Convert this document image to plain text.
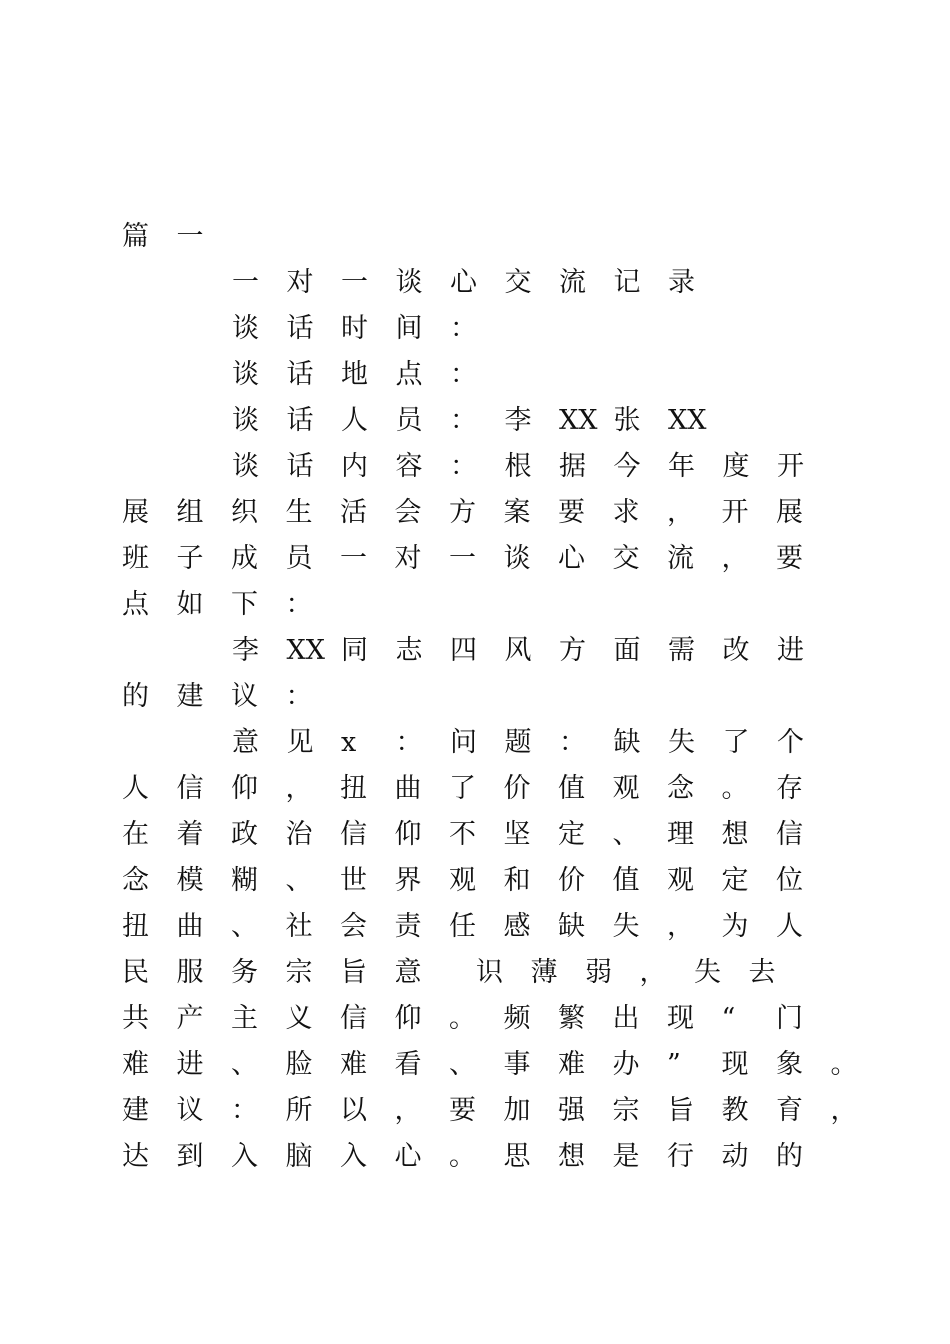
篇 一
一 对 一 谈 心 交 流 记 录
谈 话 时 间 ：
谈 话 地 点 ：
谈 话 人 员 ： 李 XX 张 XX
谈 话 内 容 ： 根 据 今 年 度 开
展 组 织 生 活 会 方 案 要 求 ， 开 展
班 子 成 员 一 对 一 谈 心 交 流 ， 要
点 如 下 ：
李 XX 同 志 四 风 方 面 需 改 进
的 建 议 ：
意 见 x ： 问 题 ： 缺 失 了 个
人 信 仰 ， 扭 曲 了 价 值 观 念 。 存
在 着 政 治 信 仰 不 坚 定 、 理 想 信
念 模 糊 、 世 界 观 和 价 值 观 定 位
扭 曲 、 社 会 责 任 感 缺 失 ， 为 人
民 服 务 宗 旨 意 识 薄 弱 ， 失 去
共 产 主 义 信 仰 。 频 繁 出 现 “ 门
难 进 、 脸 难 看 、 事 难 办 ” 现 象 。
建 议 ： 所 以 ， 要 加 强 宗 旨 教 育 ，
达 到 入 脑 入 心 。 思 想 是 行 动 的
